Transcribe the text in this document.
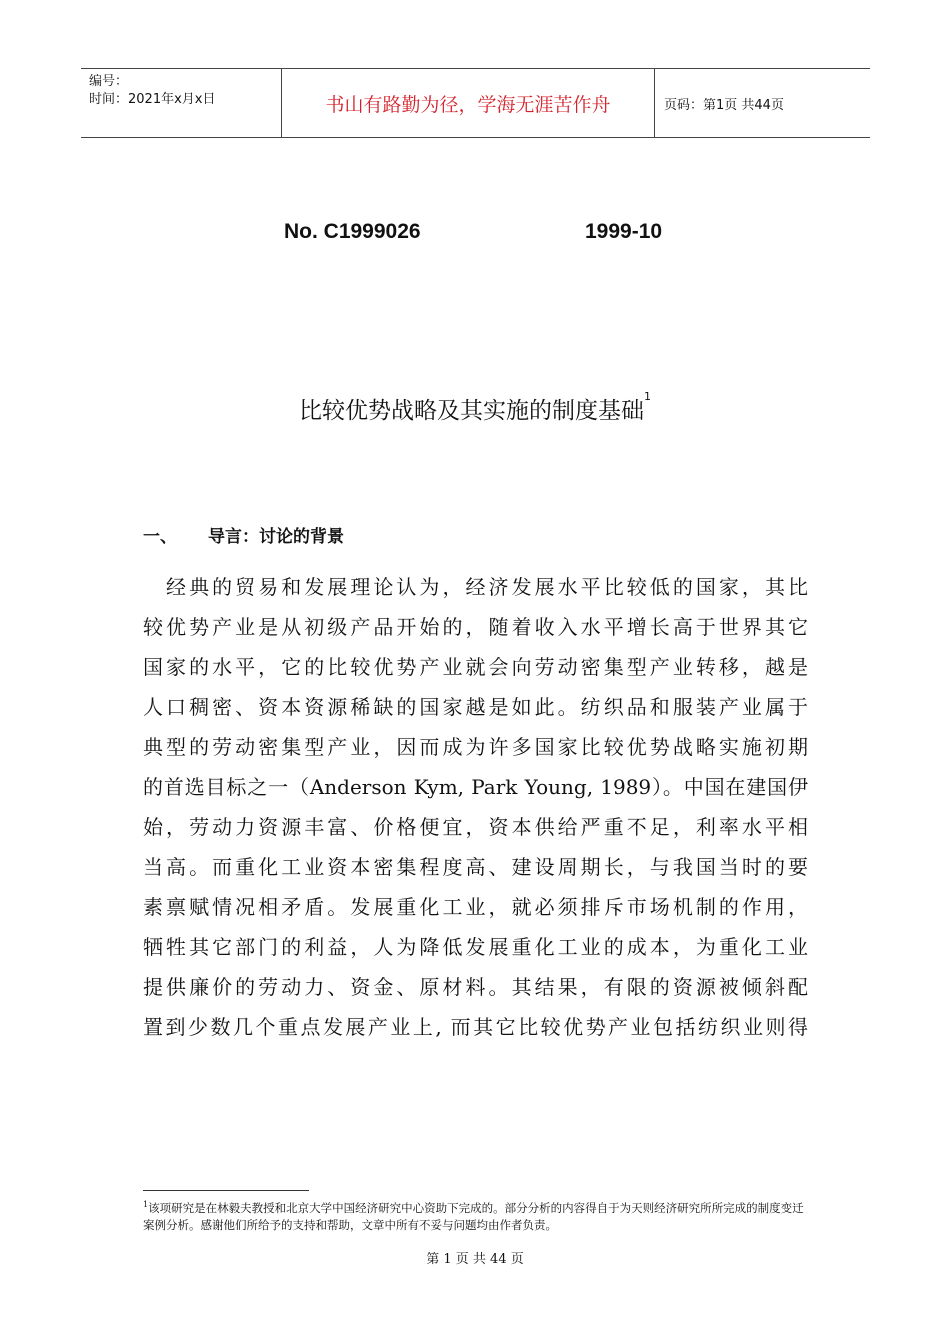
编号：
时间：2021年x月x日	书山有路勤为径，学海无涯苦作舟	页码：第1页 共44页
No. C1999026	1999-10
比较优势战略及其实施的制度基础$^1$
一、 导言：讨论的背景
　经典的贸易和发展理论认为，经济发展水平比较低的国家，其比
较优势产业是从初级产品开始的，随着收入水平增长高于世界其它
国家的水平，它的比较优势产业就会向劳动密集型产业转移，越是
人口稠密、资本资源稀缺的国家越是如此。纺织品和服装产业属于
典型的劳动密集型产业，因而成为许多国家比较优势战略实施初期
的首选目标之一（Anderson Kym, Park Young, 1989）。中国在建国伊
始，劳动力资源丰富、价格便宜，资本供给严重不足，利率水平相
当高。而重化工业资本密集程度高、建设周期长，与我国当时的要
素禀赋情况相矛盾。发展重化工业，就必须排斥市场机制的作用，
牺牲其它部门的利益，人为降低发展重化工业的成本，为重化工业
提供廉价的劳动力、资金、原材料。其结果，有限的资源被倾斜配
置到少数几个重点发展产业上, 而其它比较优势产业包括纺织业则得
$^1$该项研究是在林毅夫教授和北京大学中国经济研究中心资助下完成的。部分分析的内容得自于为天则经济研究所所完成的制度变迁案例分析。感谢他们所给予的支持和帮助，文章中所有不妥与问题均由作者负责。
第 1 页 共 44 页
